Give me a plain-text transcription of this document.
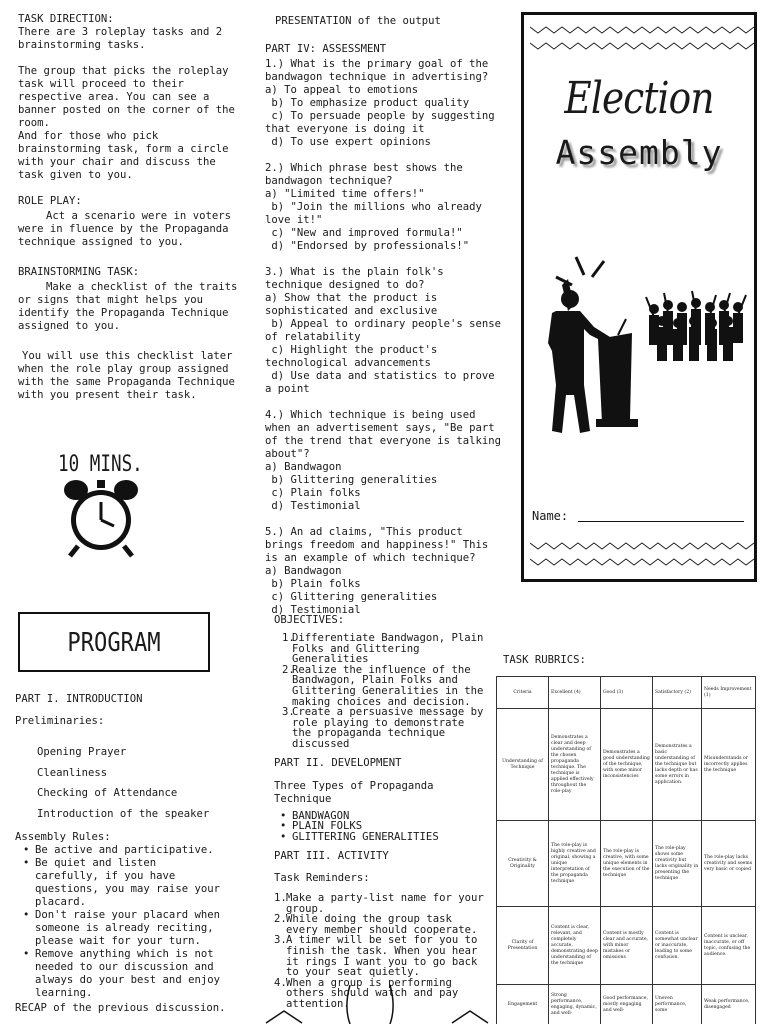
TASK DIRECTION:

There are 3 roleplay tasks and 2 brainstorming tasks.

The group that picks the roleplay task will proceed to their respective area. You can see a banner posted on the corner of the room.

And for those who pick brainstorming task, form a circle with your chair and discuss the task given to you.

ROLE PLAY:

Act a scenario were in voters were in fluence by the Propaganda technique assigned to you.

BRAINSTORMING TASK:

Make a checklist of the traits or signs that might helps you identify the Propaganda Technique assigned to you.

You will use this checklist later when the role play group assigned with the same Propaganda Technique with you present their task.

10 MINS.

PRESENTATION of the output

PART IV: ASSESSMENT

1.) What is the primary goal of the bandwagon technique in advertising?

a) To appeal to emotions

b) To emphasize product quality

c) To persuade people by suggesting that everyone is doing it

d) To use expert opinions

2.) Which phrase best shows the bandwagon technique?

a) "Limited time offers!"

b) "Join the millions who already love it!"

c) "New and improved formula!"

d) "Endorsed by professionals!"

3.) What is the plain folk's technique designed to do?

a) Show that the product is sophisticated and exclusive

b) Appeal to ordinary people's sense of relatability

c) Highlight the product's technological advancements

d) Use data and statistics to prove a point

4.) Which technique is being used when an advertisement says, "Be part of the trend that everyone is talking about"?

a) Bandwagon

b) Glittering generalities

c) Plain folks

d) Testimonial

5.) An ad claims, "This product brings freedom and happiness!" This is an example of which technique?

a) Bandwagon

b) Plain folks

c) Glittering generalities

d) Testimonial

Election
Assembly
Name:
PROGRAM

PART I. INTRODUCTION

Preliminaries:

Opening Prayer

Cleanliness

Checking of Attendance

Introduction of the speaker

Assembly Rules:

• Be active and participative.
• Be quiet and listen carefully, if you have questions, you may raise your placard.
• Don't raise your placard when someone is already reciting, please wait for your turn.
• Remove anything which is not needed to our discussion and always do your best and enjoy learning.

RECAP of the previous discussion.

OBJECTIVES:

1.
Differentiate Bandwagon, Plain Folks and Glittering Generalities
2.
Realize the influence of the Bandwagon, Plain Folks and Glittering Generalities in the making choices and decision.
3.
Create a persuasive message by role playing to demonstrate the propaganda technique discussed

PART II. DEVELOPMENT

Three Types of Propaganda Technique

• BANDWAGON
• PLAIN FOLKS
• GLITTERING GENERALITIES

PART III. ACTIVITY

Task Reminders:

1. Make a party-list name for your group.
2. While doing the group task every member should cooperate.
3. A timer will be set for you to finish the task. When you hear it rings I want you to go back to your seat quietly.
4. When a group is performing others should watch and pay attention.
TASK RUBRICS:
Criteria	Excellent (4)	Good (3)	Satisfactory (2)	Needs Improvement (1)
Understanding of Technique	Demonstrates a clear and deep understanding of the chosen propaganda technique. The technique is applied effectively throughout the role-play	Demonstrates a good understanding of the technique, with some minor inconsistencies	Demonstrates a basic understanding of the technique but lacks depth or has some errors in application.	Misunderstands or incorrectly applies the technique
Creativity & Originality	The role-play is highly creative and original, showing a unique interpretation of the propaganda technique	The role-play is creative, with some unique elements in the execution of the technique	The role-play shows some creativity but lacks originality in presenting the technique	The role-play lacks creativity and seems very basic or copied
Clarity of Presentation	Content is clear, relevant, and completely accurate, demonstrating deep understanding of the technique	Content is mostly clear and accurate, with minor mistakes or omissions	Content is somewhat unclear or inaccurate, leading to some confusion.	Content is unclear, inaccurate, or off topic, confusing the audience.
Engagement	Strong performance, engaging, dynamic, and well-	Good performance, mostly engaging and well-	Uneven performance, some	Weak performance, disengaged
